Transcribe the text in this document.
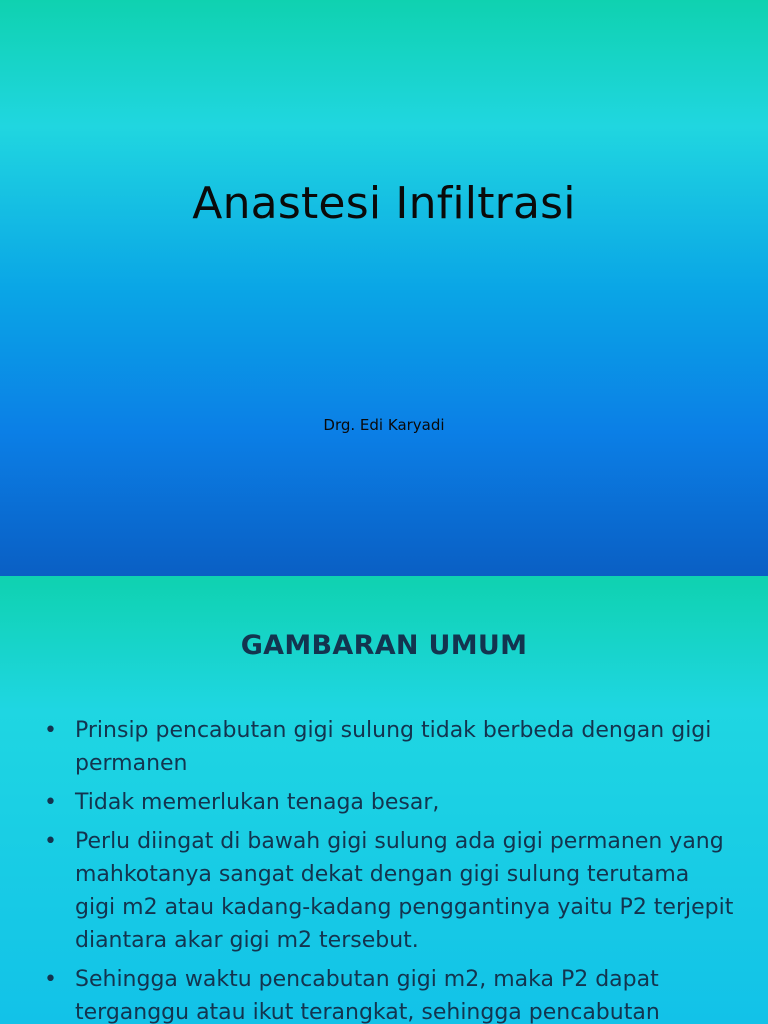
Anastesi Infiltrasi

Drg. Edi Karyadi

GAMBARAN UMUM
• Prinsip pencabutan gigi sulung tidak berbeda dengan gigi permanen
• Tidak memerlukan tenaga besar,
• Perlu diingat di bawah gigi sulung ada gigi permanen yang mahkotanya sangat dekat dengan gigi sulung terutama gigi m2 atau kadang-kadang penggantinya yaitu P2 terjepit diantara akar gigi m2 tersebut.
• Sehingga waktu pencabutan gigi m2, maka P2 dapat terganggu atau ikut terangkat, sehingga pencabutan
